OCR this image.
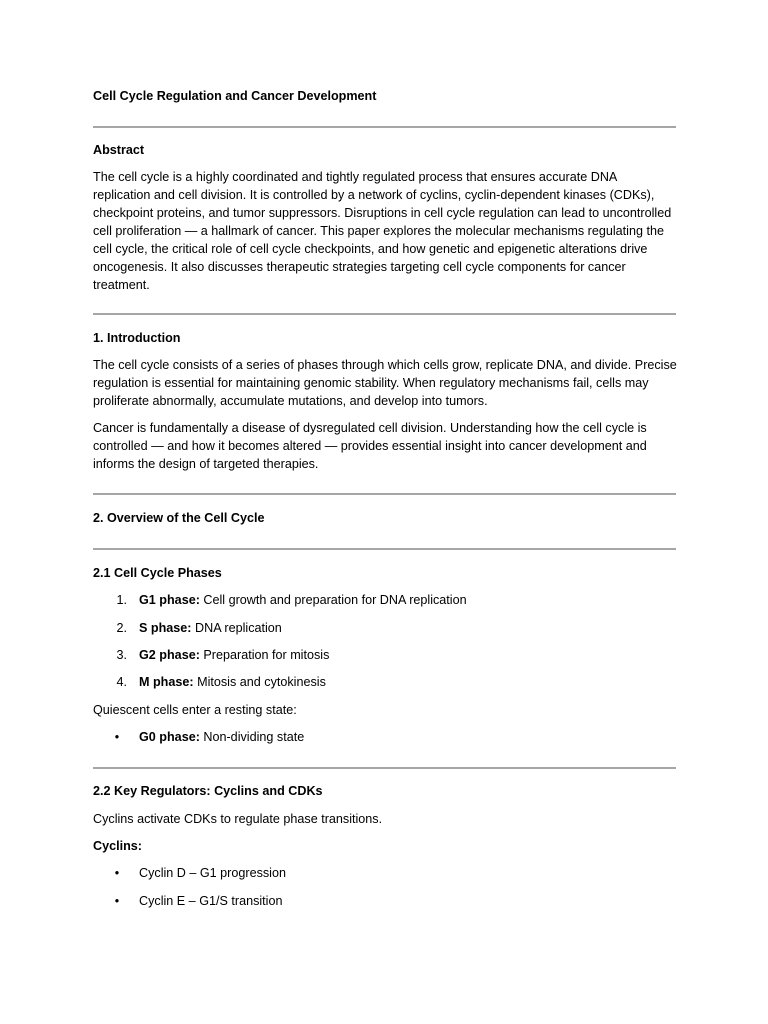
Cell Cycle Regulation and Cancer Development
Abstract

The cell cycle is a highly coordinated and tightly regulated process that ensures accurate DNA replication and cell division. It is controlled by a network of cyclins, cyclin-dependent kinases (CDKs), checkpoint proteins, and tumor suppressors. Disruptions in cell cycle regulation can lead to uncontrolled cell proliferation — a hallmark of cancer. This paper explores the molecular mechanisms regulating the cell cycle, the critical role of cell cycle checkpoints, and how genetic and epigenetic alterations drive oncogenesis. It also discusses therapeutic strategies targeting cell cycle components for cancer treatment.

1. Introduction

The cell cycle consists of a series of phases through which cells grow, replicate DNA, and divide. Precise regulation is essential for maintaining genomic stability. When regulatory mechanisms fail, cells may proliferate abnormally, accumulate mutations, and develop into tumors.

Cancer is fundamentally a disease of dysregulated cell division. Understanding how the cell cycle is controlled — and how it becomes altered — provides essential insight into cancer development and informs the design of targeted therapies.

2. Overview of the Cell Cycle
2.1 Cell Cycle Phases
1. G1 phase: Cell growth and preparation for DNA replication
2. S phase: DNA replication
3. G2 phase: Preparation for mitosis
4. M phase: Mitosis and cytokinesis
Quiescent cells enter a resting state:
• G0 phase: Non-dividing state
2.2 Key Regulators: Cyclins and CDKs
Cyclins activate CDKs to regulate phase transitions.
Cyclins:
• Cyclin D – G1 progression
• Cyclin E – G1/S transition
